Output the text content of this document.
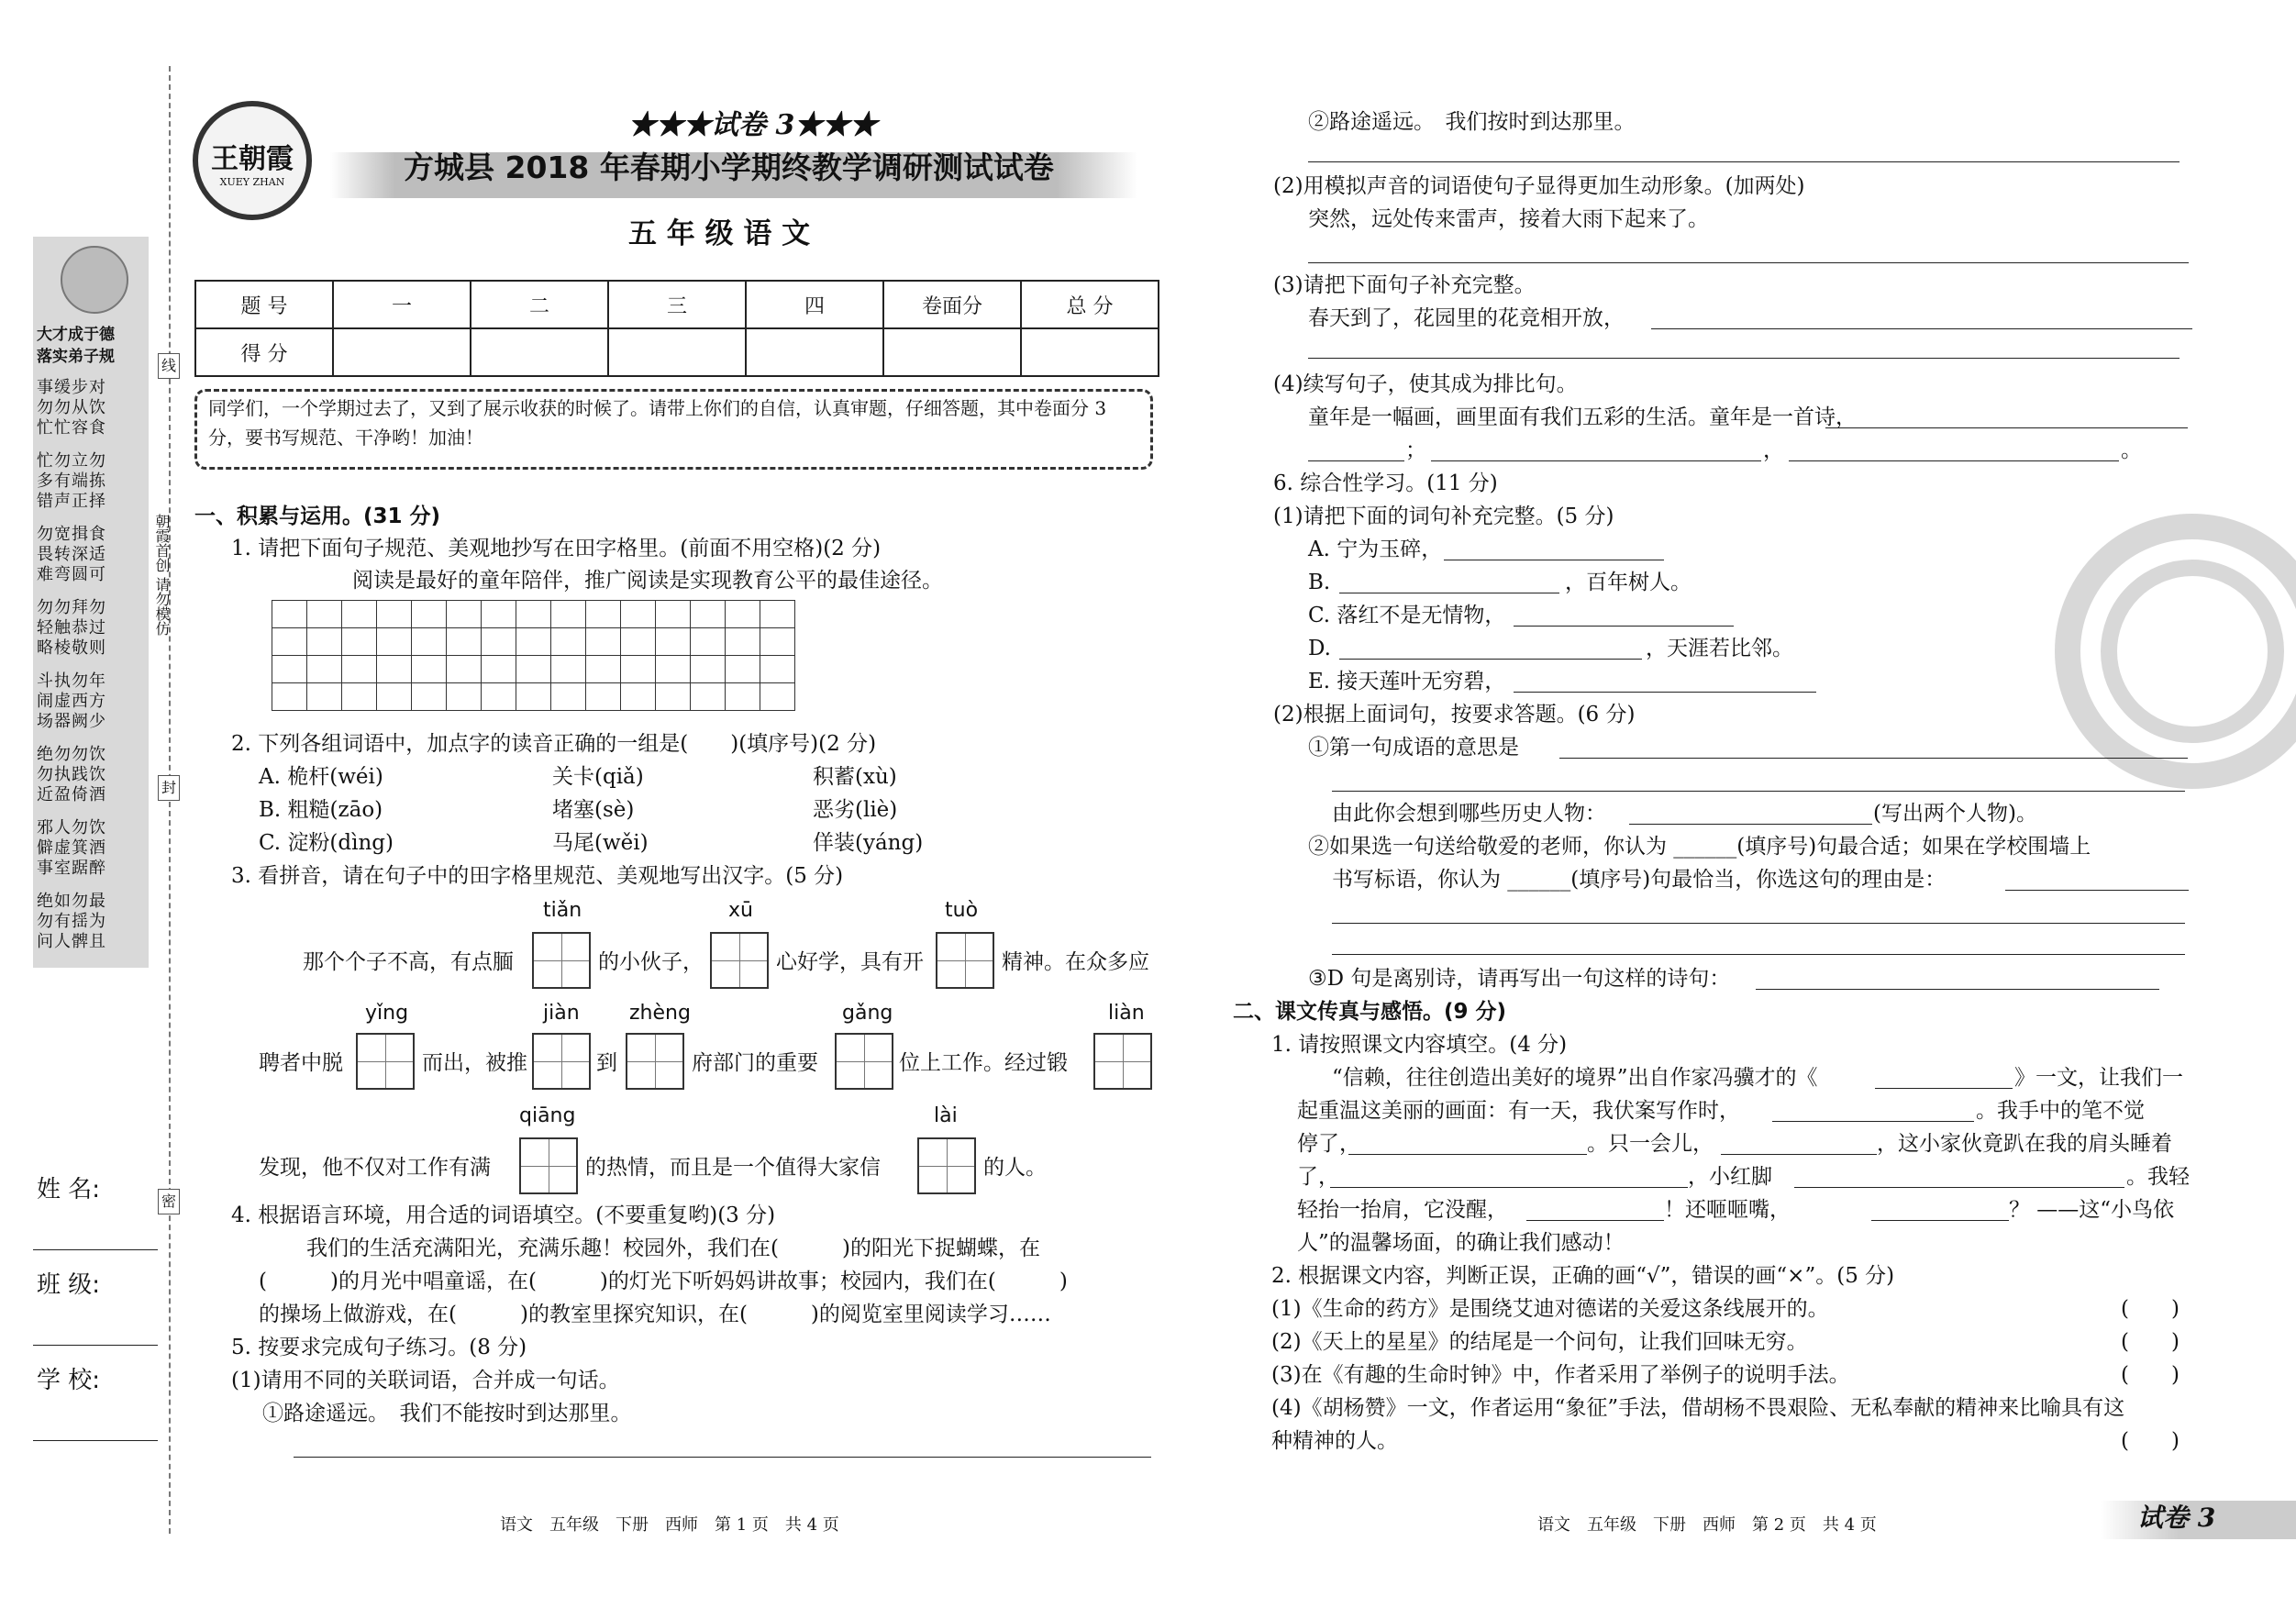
大才成于德
落实弟子规
事缓步对
勿勿从饮
忙忙容食
忙勿立勿
多有端拣
错声正择
勿宽揖食
畏转深适
难弯圆可
勿勿拜勿
轻触恭过
略棱敬则
斗执勿年
闹虚西方
场器阙少
绝勿勿饮
勿执践饮
近盈倚酒
邪人勿饮
僻虚箕酒
事室踞醉
绝如勿最
勿有揺为
问人髀且
线
封
密
朝霞首创 请勿模仿
姓 名:
班 级:
学 校:
王朝霞
XUEY ZHAN
★★★试卷 3★★★
方城县 2018 年春期小学期终教学调研测试试卷
五 年 级 语 文
题 号	一	二	三	四	卷面分	总 分
得 分						
同学们，一个学期过去了，又到了展示收获的时候了。请带上你们的自信，认真审题，仔细答题，其中卷面分 3 分，要书写规范、干净哟！加油！
一、积累与运用。(31 分)
1. 请把下面句子规范、美观地抄写在田字格里。(前面不用空格)(2 分)
阅读是最好的童年陪伴，推广阅读是实现教育公平的最佳途径。

2. 下列各组词语中，加点字的读音正确的一组是(　　)(填序号)(2 分)
A. 桅杆(wéi)	关卡(qiǎ)	积蓄(xù)
B. 粗糙(zāo)	堵塞(sè)	恶劣(liè)
C. 淀粉(dìng)	马尾(wěi)	佯装(yáng)
3. 看拼音，请在句子中的田字格里规范、美观地写出汉字。(5 分)
tiǎn	xū	tuò
那个个子不高，有点腼	的小伙子，	心好学，具有开	精神。在众多应
yǐng	jiàn zhèng	gǎng	liàn
聘者中脱	而出，被推	到	府部门的重要	位上工作。经过锻
qiāng	lài
发现，他不仅对工作有满	的热情，而且是一个值得大家信	的人。
4. 根据语言环境，用合适的词语填空。(不要重复哟)(3 分)
我们的生活充满阳光，充满乐趣！校园外，我们在(　　　)的阳光下捉蝴蝶，在
(　　　)的月光中唱童谣，在(　　　)的灯光下听妈妈讲故事；校园内，我们在(　　　)
的操场上做游戏，在(　　　)的教室里探究知识，在(　　　)的阅览室里阅读学习……
5. 按要求完成句子练习。(8 分)
(1)请用不同的关联词语，合并成一句话。
①路途遥远。　我们不能按时到达那里。
语文　五年级　下册　西师　第 1 页　共 4 页
②路途遥远。　我们按时到达那里。
(2)用模拟声音的词语使句子显得更加生动形象。(加两处)
突然，远处传来雷声，接着大雨下起来了。
(3)请把下面句子补充完整。
春天到了，花园里的花竞相开放，
(4)续写句子，使其成为排比句。
童年是一幅画，画里面有我们五彩的生活。童年是一首诗，
；	，	。
6. 综合性学习。(11 分)
(1)请把下面的词句补充完整。(5 分)
A. 宁为玉碎，
B.	，百年树人。
C. 落红不是无情物，
D.	，天涯若比邻。
E. 接天莲叶无穷碧，
(2)根据上面词句，按要求答题。(6 分)
①第一句成语的意思是
由此你会想到哪些历史人物：	(写出两个人物)。
②如果选一句送给敬爱的老师，你认为 ______(填序号)句最合适；如果在学校围墙上
书写标语，你认为 ______(填序号)句最恰当，你选这句的理由是：
③D 句是离别诗，请再写出一句这样的诗句：
二、课文传真与感悟。(9 分)
1. 请按照课文内容填空。(4 分)
“信赖，往往创造出美好的境界”出自作家冯骥才的《	》一文，让我们一
起重温这美丽的画面：有一天，我伏案写作时，	。我手中的笔不觉
停了，	。只一会儿，	，这小家伙竟趴在我的肩头睡着
了，	，小红脚	。我轻
轻抬一抬肩，它没醒，	！还咂咂嘴，	？ ——这“小鸟依
人”的温馨场面，的确让我们感动！
2. 根据课文内容，判断正误，正确的画“√”，错误的画“×”。(5 分)
(1)《生命的药方》是围绕艾迪对德诺的关爱这条线展开的。	(　　)
(2)《天上的星星》的结尾是一个问句，让我们回味无穷。	(　　)
(3)在《有趣的生命时钟》中，作者采用了举例子的说明手法。	(　　)
(4)《胡杨赞》一文，作者运用“象征”手法，借胡杨不畏艰险、无私奉献的精神来比喻具有这
种精神的人。	(　　)
语文　五年级　下册　西师　第 2 页　共 4 页	试卷 3
